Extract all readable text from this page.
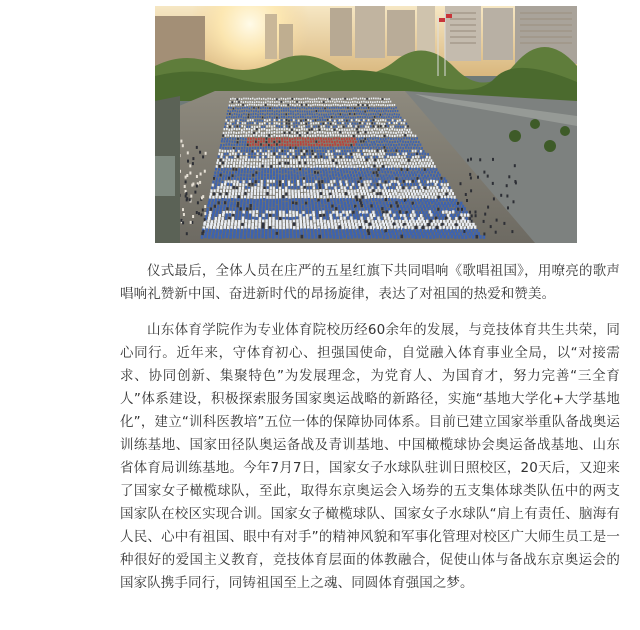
仪式最后，全体人员在庄严的五星红旗下共同唱响《歌唱祖国》，用嘹亮的歌声唱响礼赞新中国、奋进新时代的昂扬旋律，表达了对祖国的热爱和赞美。

山东体育学院作为专业体育院校历经60余年的发展，与竞技体育共生共荣，同心同行。近年来，守体育初心、担强国使命，自觉融入体育事业全局，以“对接需求、协同创新、集聚特色”为发展理念，为党育人、为国育才，努力完善“三全育人”体系建设，积极探索服务国家奥运战略的新路径，实施“基地大学化+大学基地化”，建立“训科医教培”五位一体的保障协同体系。目前已建立国家举重队备战奥运训练基地、国家田径队奥运备战及青训基地、中国橄榄球协会奥运备战基地、山东省体育局训练基地。今年7月7日，国家女子水球队驻训日照校区，20天后，又迎来了国家女子橄榄球队，至此，取得东京奥运会入场券的五支集体球类队伍中的两支国家队在校区实现合训。国家女子橄榄球队、国家女子水球队“肩上有责任、脑海有人民、心中有祖国、眼中有对手”的精神风貌和军事化管理对校区广大师生员工是一种很好的爱国主义教育，竞技体育层面的体教融合，促使山体与备战东京奥运会的国家队携手同行，同铸祖国至上之魂、同圆体育强国之梦。
